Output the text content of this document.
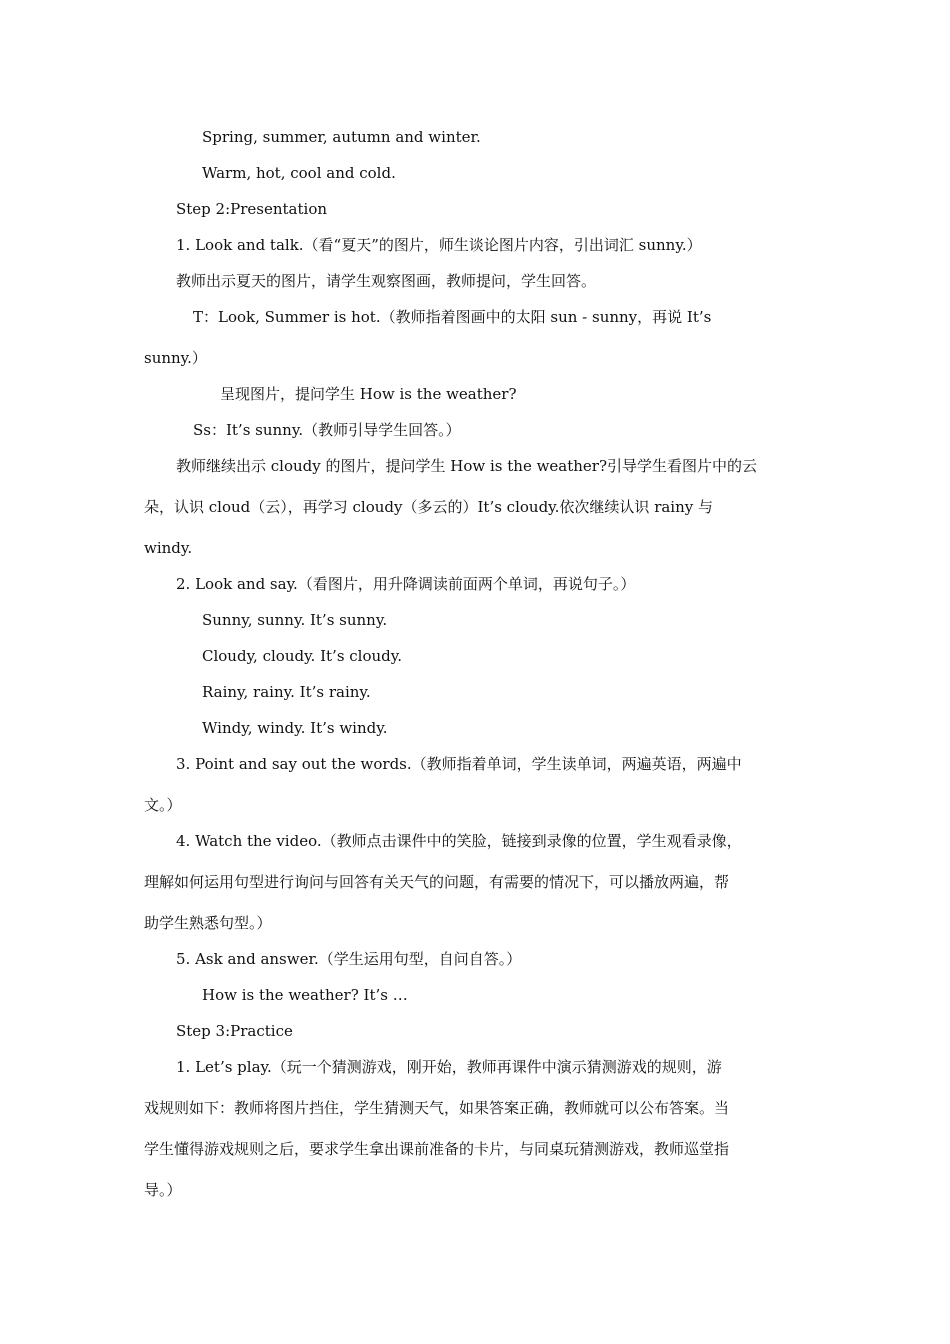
Spring, summer, autumn and winter.
Warm, hot, cool and cold.
Step 2:Presentation
1. Look and talk.（看“夏天”的图片，师生谈论图片内容，引出词汇 sunny.）
教师出示夏天的图片，请学生观察图画，教师提问，学生回答。
T：Look, Summer is hot.（教师指着图画中的太阳 sun - sunny，再说 It’s
sunny.）
呈现图片，提问学生 How is the weather?
Ss：It’s sunny.（教师引导学生回答。）
教师继续出示 cloudy 的图片，提问学生 How is the weather?引导学生看图片中的云
朵，认识 cloud（云），再学习 cloudy（多云的）It’s cloudy.依次继续认识 rainy 与
windy.
2. Look and say.（看图片，用升降调读前面两个单词，再说句子。）
Sunny, sunny. It’s sunny.
Cloudy, cloudy. It’s cloudy.
Rainy, rainy. It’s rainy.
Windy, windy. It’s windy.
3. Point and say out the words.（教师指着单词，学生读单词，两遍英语，两遍中
文。）
4. Watch the video.（教师点击课件中的笑脸，链接到录像的位置，学生观看录像，
理解如何运用句型进行询问与回答有关天气的问题，有需要的情况下，可以播放两遍，帮
助学生熟悉句型。）
5. Ask and answer.（学生运用句型，自问自答。）
How is the weather? It’s …
Step 3:Practice
1. Let’s play.（玩一个猜测游戏，刚开始，教师再课件中演示猜测游戏的规则，游
戏规则如下：教师将图片挡住，学生猜测天气，如果答案正确，教师就可以公布答案。当
学生懂得游戏规则之后，要求学生拿出课前准备的卡片，与同桌玩猜测游戏，教师巡堂指
导。）
